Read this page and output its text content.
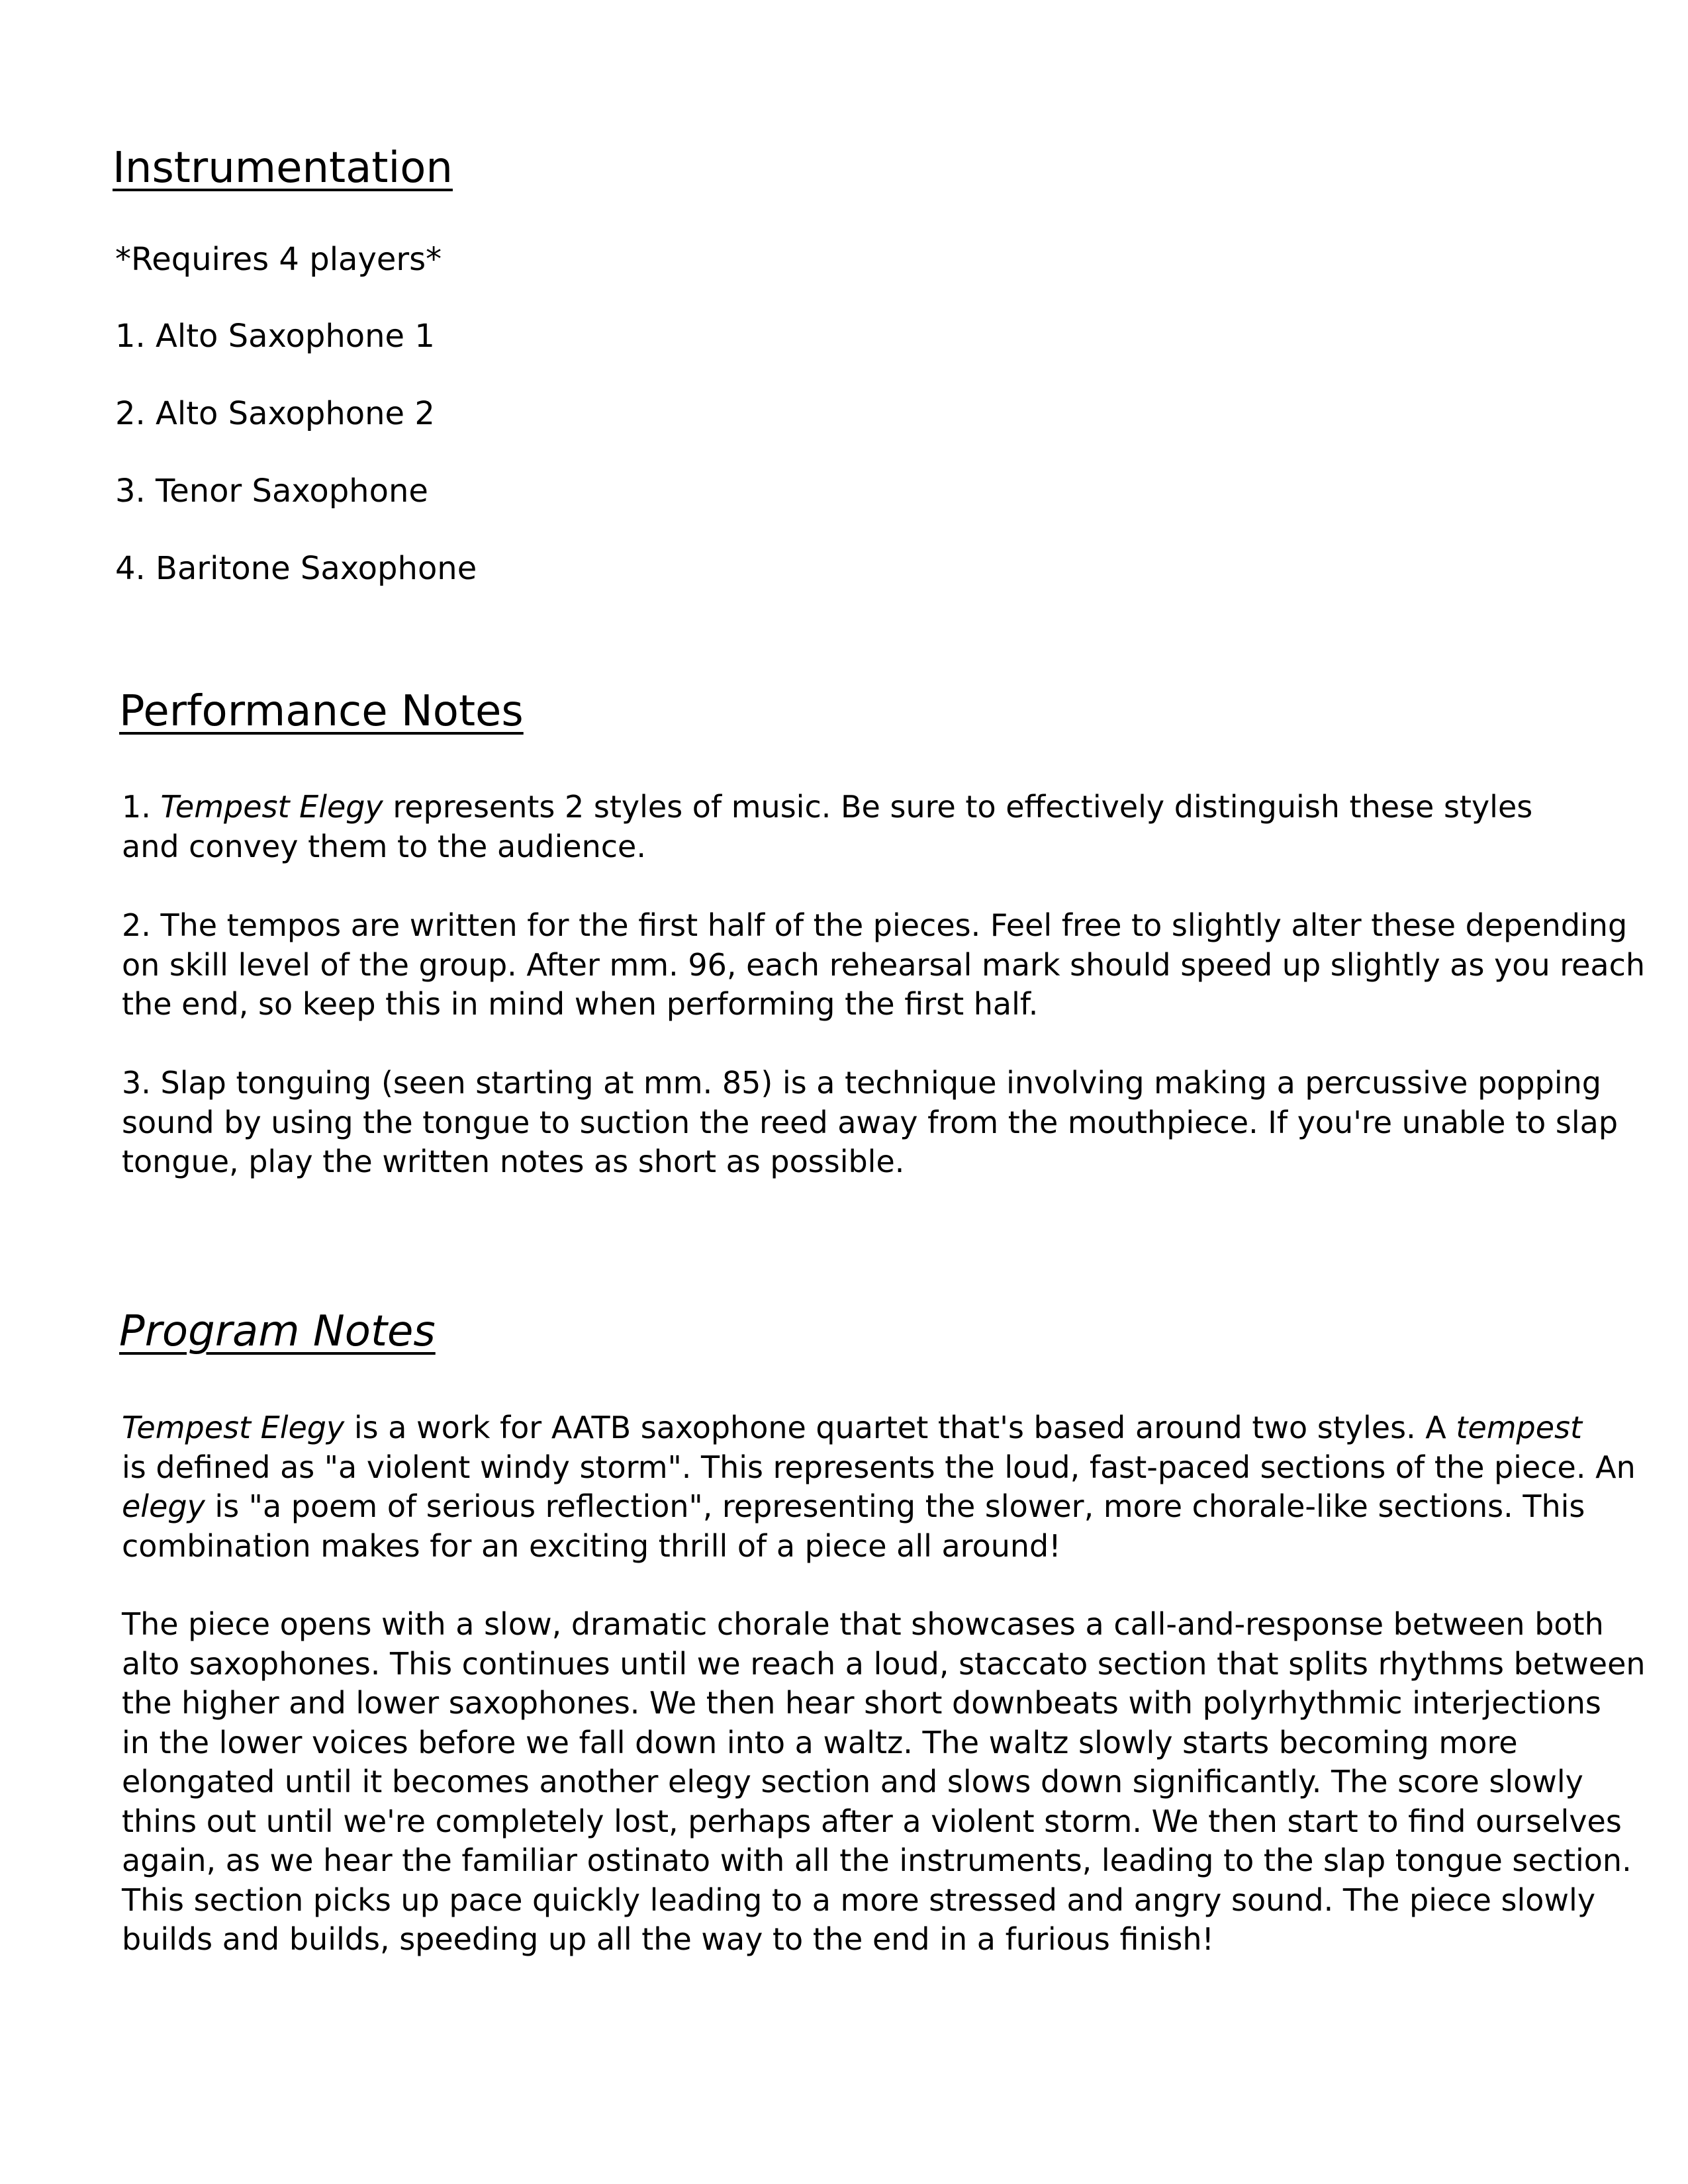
Instrumentation

*Requires 4 players*

1. Alto Saxophone 1

2. Alto Saxophone 2

3. Tenor Saxophone

4. Baritone Saxophone

Performance Notes
1. Tempest Elegy represents 2 styles of music. Be sure to effectively distinguish these styles
and convey them to the audience.
2. The tempos are written for the first half of the pieces. Feel free to slightly alter these depending
on skill level of the group. After mm. 96, each rehearsal mark should speed up slightly as you reach
the end, so keep this in mind when performing the first half.
3. Slap tonguing (seen starting at mm. 85) is a technique involving making a percussive popping
sound by using the tongue to suction the reed away from the mouthpiece. If you're unable to slap
tongue, play the written notes as short as possible.
Program Notes
Tempest Elegy is a work for AATB saxophone quartet that's based around two styles. A tempest
is defined as "a violent windy storm". This represents the loud, fast-paced sections of the piece. An
elegy is "a poem of serious reflection", representing the slower, more chorale-like sections. This
combination makes for an exciting thrill of a piece all around!
The piece opens with a slow, dramatic chorale that showcases a call-and-response between both
alto saxophones. This continues until we reach a loud, staccato section that splits rhythms between
the higher and lower saxophones. We then hear short downbeats with polyrhythmic interjections
in the lower voices before we fall down into a waltz. The waltz slowly starts becoming more
elongated until it becomes another elegy section and slows down significantly. The score slowly
thins out until we're completely lost, perhaps after a violent storm. We then start to find ourselves
again, as we hear the familiar ostinato with all the instruments, leading to the slap tongue section.
This section picks up pace quickly leading to a more stressed and angry sound. The piece slowly
builds and builds, speeding up all the way to the end in a furious finish!
